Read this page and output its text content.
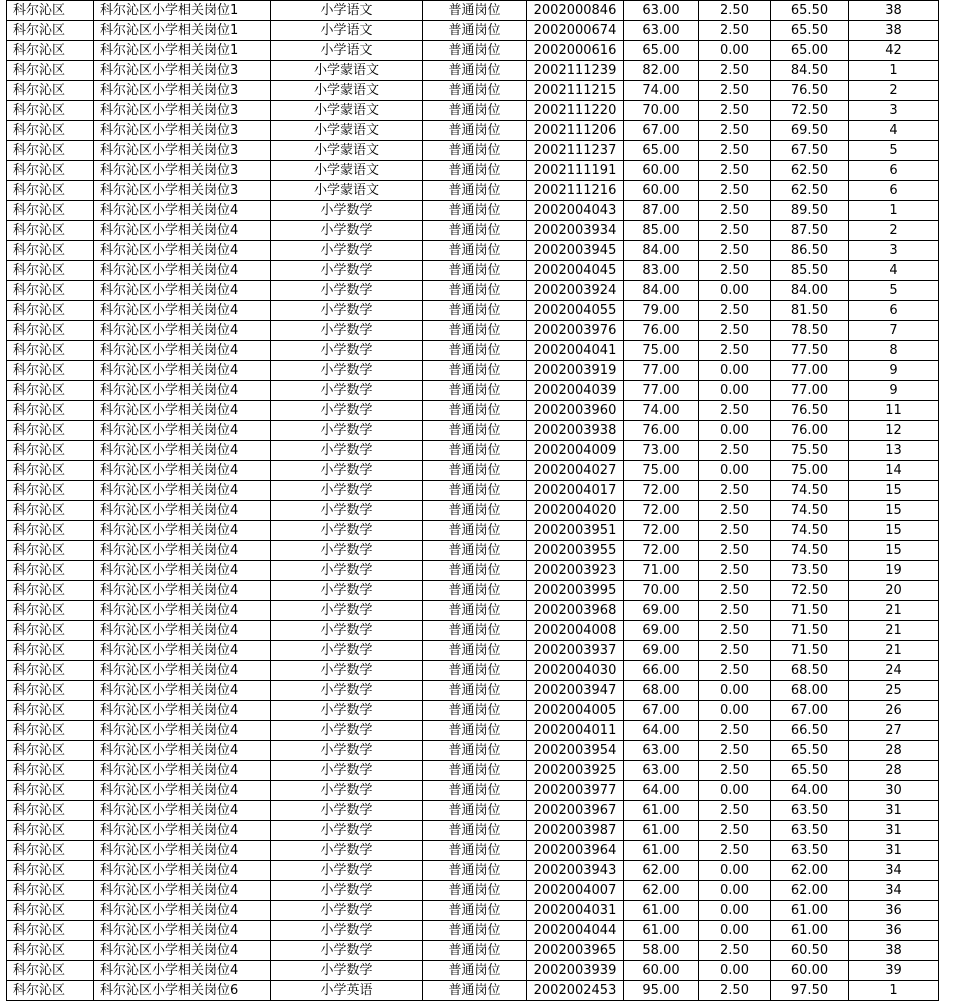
科尔沁区	科尔沁区小学相关岗位1	小学语文	普通岗位	2002000846	63.00	2.50	65.50	38
科尔沁区	科尔沁区小学相关岗位1	小学语文	普通岗位	2002000674	63.00	2.50	65.50	38
科尔沁区	科尔沁区小学相关岗位1	小学语文	普通岗位	2002000616	65.00	0.00	65.00	42
科尔沁区	科尔沁区小学相关岗位3	小学蒙语文	普通岗位	2002111239	82.00	2.50	84.50	1
科尔沁区	科尔沁区小学相关岗位3	小学蒙语文	普通岗位	2002111215	74.00	2.50	76.50	2
科尔沁区	科尔沁区小学相关岗位3	小学蒙语文	普通岗位	2002111220	70.00	2.50	72.50	3
科尔沁区	科尔沁区小学相关岗位3	小学蒙语文	普通岗位	2002111206	67.00	2.50	69.50	4
科尔沁区	科尔沁区小学相关岗位3	小学蒙语文	普通岗位	2002111237	65.00	2.50	67.50	5
科尔沁区	科尔沁区小学相关岗位3	小学蒙语文	普通岗位	2002111191	60.00	2.50	62.50	6
科尔沁区	科尔沁区小学相关岗位3	小学蒙语文	普通岗位	2002111216	60.00	2.50	62.50	6
科尔沁区	科尔沁区小学相关岗位4	小学数学	普通岗位	2002004043	87.00	2.50	89.50	1
科尔沁区	科尔沁区小学相关岗位4	小学数学	普通岗位	2002003934	85.00	2.50	87.50	2
科尔沁区	科尔沁区小学相关岗位4	小学数学	普通岗位	2002003945	84.00	2.50	86.50	3
科尔沁区	科尔沁区小学相关岗位4	小学数学	普通岗位	2002004045	83.00	2.50	85.50	4
科尔沁区	科尔沁区小学相关岗位4	小学数学	普通岗位	2002003924	84.00	0.00	84.00	5
科尔沁区	科尔沁区小学相关岗位4	小学数学	普通岗位	2002004055	79.00	2.50	81.50	6
科尔沁区	科尔沁区小学相关岗位4	小学数学	普通岗位	2002003976	76.00	2.50	78.50	7
科尔沁区	科尔沁区小学相关岗位4	小学数学	普通岗位	2002004041	75.00	2.50	77.50	8
科尔沁区	科尔沁区小学相关岗位4	小学数学	普通岗位	2002003919	77.00	0.00	77.00	9
科尔沁区	科尔沁区小学相关岗位4	小学数学	普通岗位	2002004039	77.00	0.00	77.00	9
科尔沁区	科尔沁区小学相关岗位4	小学数学	普通岗位	2002003960	74.00	2.50	76.50	11
科尔沁区	科尔沁区小学相关岗位4	小学数学	普通岗位	2002003938	76.00	0.00	76.00	12
科尔沁区	科尔沁区小学相关岗位4	小学数学	普通岗位	2002004009	73.00	2.50	75.50	13
科尔沁区	科尔沁区小学相关岗位4	小学数学	普通岗位	2002004027	75.00	0.00	75.00	14
科尔沁区	科尔沁区小学相关岗位4	小学数学	普通岗位	2002004017	72.00	2.50	74.50	15
科尔沁区	科尔沁区小学相关岗位4	小学数学	普通岗位	2002004020	72.00	2.50	74.50	15
科尔沁区	科尔沁区小学相关岗位4	小学数学	普通岗位	2002003951	72.00	2.50	74.50	15
科尔沁区	科尔沁区小学相关岗位4	小学数学	普通岗位	2002003955	72.00	2.50	74.50	15
科尔沁区	科尔沁区小学相关岗位4	小学数学	普通岗位	2002003923	71.00	2.50	73.50	19
科尔沁区	科尔沁区小学相关岗位4	小学数学	普通岗位	2002003995	70.00	2.50	72.50	20
科尔沁区	科尔沁区小学相关岗位4	小学数学	普通岗位	2002003968	69.00	2.50	71.50	21
科尔沁区	科尔沁区小学相关岗位4	小学数学	普通岗位	2002004008	69.00	2.50	71.50	21
科尔沁区	科尔沁区小学相关岗位4	小学数学	普通岗位	2002003937	69.00	2.50	71.50	21
科尔沁区	科尔沁区小学相关岗位4	小学数学	普通岗位	2002004030	66.00	2.50	68.50	24
科尔沁区	科尔沁区小学相关岗位4	小学数学	普通岗位	2002003947	68.00	0.00	68.00	25
科尔沁区	科尔沁区小学相关岗位4	小学数学	普通岗位	2002004005	67.00	0.00	67.00	26
科尔沁区	科尔沁区小学相关岗位4	小学数学	普通岗位	2002004011	64.00	2.50	66.50	27
科尔沁区	科尔沁区小学相关岗位4	小学数学	普通岗位	2002003954	63.00	2.50	65.50	28
科尔沁区	科尔沁区小学相关岗位4	小学数学	普通岗位	2002003925	63.00	2.50	65.50	28
科尔沁区	科尔沁区小学相关岗位4	小学数学	普通岗位	2002003977	64.00	0.00	64.00	30
科尔沁区	科尔沁区小学相关岗位4	小学数学	普通岗位	2002003967	61.00	2.50	63.50	31
科尔沁区	科尔沁区小学相关岗位4	小学数学	普通岗位	2002003987	61.00	2.50	63.50	31
科尔沁区	科尔沁区小学相关岗位4	小学数学	普通岗位	2002003964	61.00	2.50	63.50	31
科尔沁区	科尔沁区小学相关岗位4	小学数学	普通岗位	2002003943	62.00	0.00	62.00	34
科尔沁区	科尔沁区小学相关岗位4	小学数学	普通岗位	2002004007	62.00	0.00	62.00	34
科尔沁区	科尔沁区小学相关岗位4	小学数学	普通岗位	2002004031	61.00	0.00	61.00	36
科尔沁区	科尔沁区小学相关岗位4	小学数学	普通岗位	2002004044	61.00	0.00	61.00	36
科尔沁区	科尔沁区小学相关岗位4	小学数学	普通岗位	2002003965	58.00	2.50	60.50	38
科尔沁区	科尔沁区小学相关岗位4	小学数学	普通岗位	2002003939	60.00	0.00	60.00	39
科尔沁区	科尔沁区小学相关岗位6	小学英语	普通岗位	2002002453	95.00	2.50	97.50	1
